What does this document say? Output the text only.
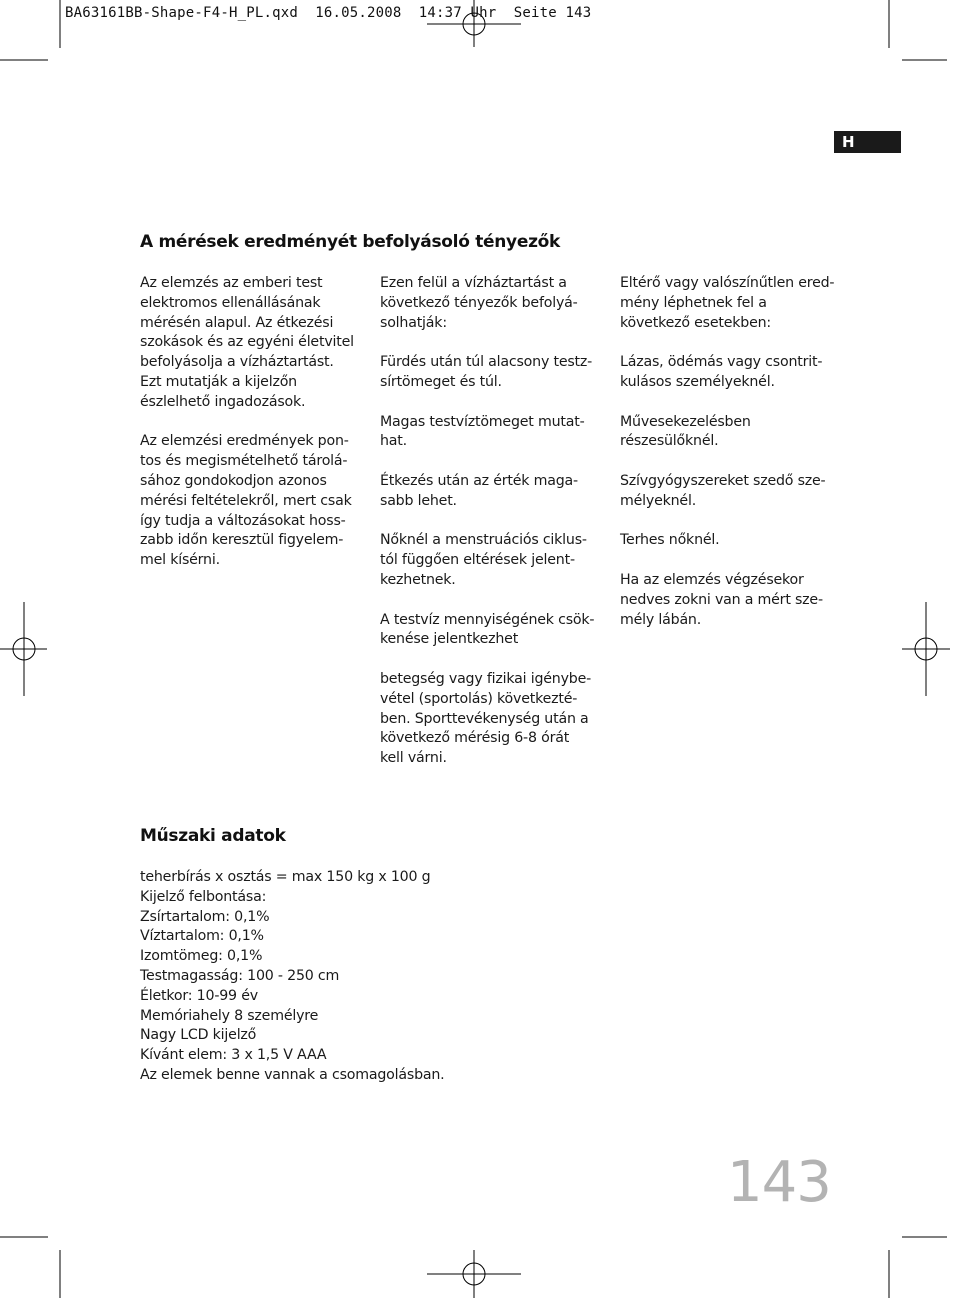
BA63161BB-Shape-F4-H_PL.qxd  16.05.2008  14:37 Uhr  Seite 143
H
A mérések eredményét befolyásoló tényezők

Az elemzés az emberi test
elektromos ellenállásának
mérésén alapul. Az étkezési
szokások és az egyéni életvitel
befolyásolja a vízháztartást.
Ezt mutatják a kijelzőn
észlelhető ingadozások.

Az elemzési eredmények pon-
tos és megismételhető tárolá-
sához gondokodjon azonos
mérési feltételekről, mert csak
így tudja a változásokat hoss-
zabb időn keresztül figyelem-
mel kísérni.

Ezen felül a vízháztartást a
következő tényezők befolyá-
solhatják:

Fürdés után túl alacsony testz-
sírtömeget és túl.

Magas testvíztömeget mutat-
hat.

Étkezés után az érték maga-
sabb lehet.

Nőknél a menstruációs ciklus-
tól függően eltérések jelent-
kezhetnek.

A testvíz mennyiségének csök-
kenése jelentkezhet

betegség vagy fizikai igénybe-
vétel (sportolás) következté-
ben. Sporttevékenység után a
következő mérésig 6-8 órát
kell várni.

Eltérő vagy valószínűtlen ered-
mény léphetnek fel a
következő esetekben:

Lázas, ödémás vagy csontrit-
kulásos személyeknél.

Művesekezelésben
részesülőknél.

Szívgyógyszereket szedő sze-
mélyeknél.

Terhes nőknél.

Ha az elemzés végzésekor
nedves zokni van a mért sze-
mély lábán.

Műszaki adatok
teherbírás x osztás = max 150 kg x 100 g
Kijelző felbontása:
Zsírtartalom: 0,1%
Víztartalom: 0,1%
Izomtömeg: 0,1%
Testmagasság: 100 - 250 cm
Életkor: 10-99 év
Memóriahely 8 személyre
Nagy LCD kijelző
Kívánt elem: 3 x 1,5 V AAA
Az elemek benne vannak a csomagolásban.
143
